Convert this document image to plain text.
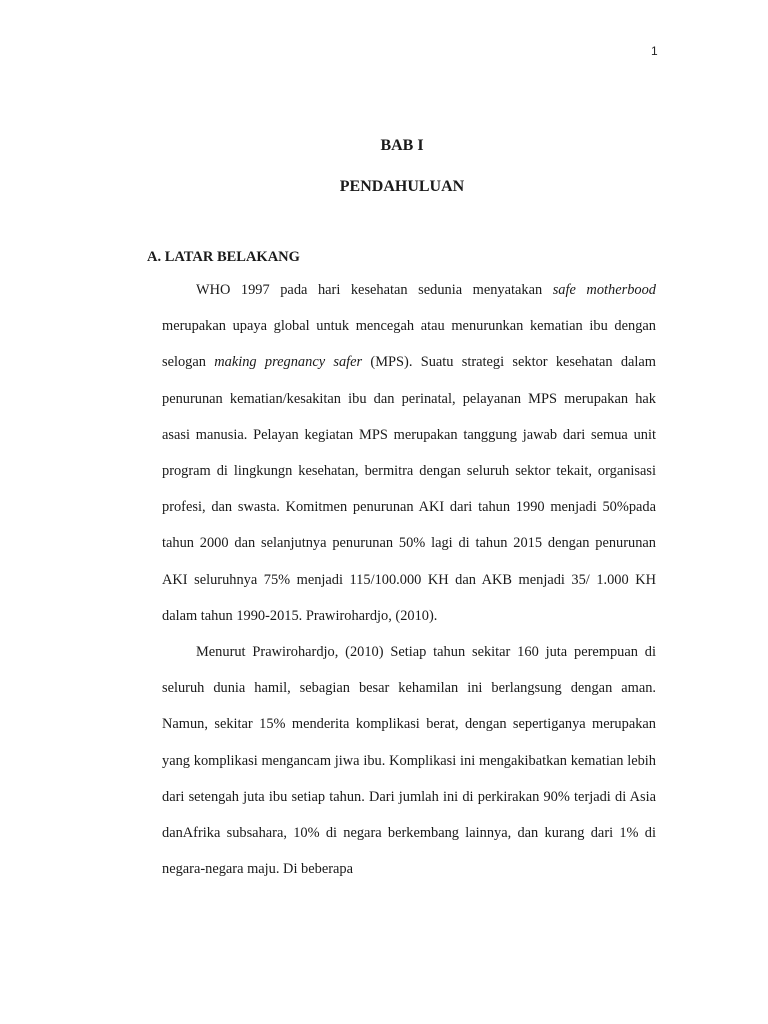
1
BAB I
PENDAHULUAN
A. LATAR BELAKANG

WHO 1997 pada hari kesehatan sedunia menyatakan safe motherbood merupakan upaya global untuk mencegah atau menurunkan kematian ibu dengan selogan making pregnancy safer (MPS). Suatu strategi sektor kesehatan dalam penurunan kematian/kesakitan ibu dan perinatal, pelayanan MPS merupakan hak asasi manusia. Pelayan kegiatan MPS merupakan tanggung jawab dari semua unit program di lingkungn kesehatan, bermitra dengan seluruh sektor tekait, organisasi profesi, dan swasta. Komitmen penurunan AKI dari tahun 1990 menjadi 50%pada tahun 2000 dan selanjutnya penurunan 50% lagi di tahun 2015 dengan penurunan AKI seluruhnya 75% menjadi 115/100.000 KH dan AKB menjadi 35/ 1.000 KH dalam tahun 1990-2015. Prawirohardjo, (2010).

Menurut Prawirohardjo, (2010) Setiap tahun sekitar 160 juta perempuan di seluruh dunia hamil, sebagian besar kehamilan ini berlangsung dengan aman. Namun, sekitar 15% menderita komplikasi berat, dengan sepertiganya merupakan yang komplikasi mengancam jiwa ibu. Komplikasi ini mengakibatkan kematian lebih dari setengah juta ibu setiap tahun. Dari jumlah ini di perkirakan 90% terjadi di Asia danAfrika subsahara, 10% di negara berkembang lainnya, dan kurang dari 1% di negara-negara maju. Di beberapa
